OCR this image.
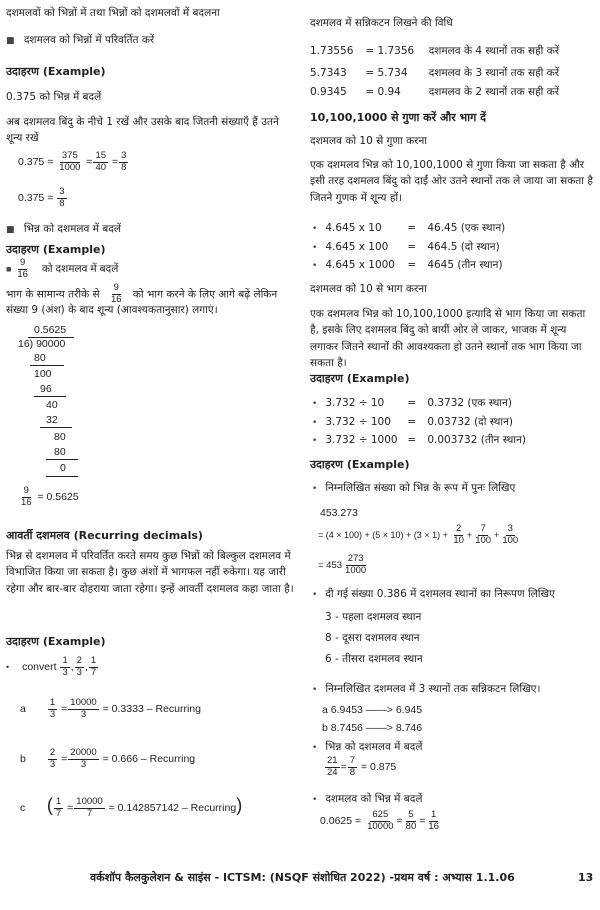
दशमलवों को भिन्नों में तथा भिन्नों को दशमलवों में बदलना
■ दशमलव को भिन्नों में परिवर्तित करें
उदाहरण (Example)
0.375 को भिन्न में बदलें
अब दशमलव बिंदु के नीचे 1 रखें और उसके बाद जितनी संख्याएँ हैं उतने शून्य रखें
$0.375 = \frac{375}{1000} = \frac{15}{40} = \frac{3}{8}$
$0.375 = \frac{3}{8}$
■ भिन्न को दशमलव में बदलें
उदाहरण (Example)
■ $\frac{9}{16}$ को दशमलव में बदलें
भाग के सामान्य तरीके से $\frac{9}{16}$ को भाग करने के लिए आगे बढ़ें लेकिन
संख्या 9 (अंश) के बाद शून्य (आवश्यकतानुसार) लगाएं।
0.5625
16) 90000
80
100
96
40
32
80
80
0
$\frac{9}{16} = 0.5625$
आवर्ती दशमलव (Recurring decimals)
भिन्न से दशमलव में परिवर्तित करते समय कुछ भिन्नों को बिल्कुल दशमलव में विभाजित किया जा सकता है। कुछ अंशों में भागफल नहीं रुकेगा। यह जारी रहेगा और बार-बार दोहराया जाता रहेगा। इन्हें आवर्ती दशमलव कहा जाता है।
उदाहरण (Example)
• convert $\frac{1}{3}$ , $\frac{2}{3}$ , $\frac{1}{7}$
a $\frac{1}{3} = \frac{10000}{3} = 0.3333$ – Recurring
b $\frac{2}{3} = \frac{20000}{3} = 0.666$ – Recurring
c ( $\frac{1}{7} = \frac{10000}{7} = 0.142857142$ – Recurring)
दशमलव में सन्निकटन लिखने की विधि
1.73556 = 1.7356 दशमलव के 4 स्थानों तक सही करें
5.7343 = 5.734 दशमलव के 3 स्थानों तक सही करें
0.9345 = 0.94	दशमलव के 2 स्थानों तक सही करें
10,100,1000 से गुणा करें और भाग दें
दशमलव को 10 से गुणा करना
एक दशमलव भिन्न को 10,100,1000 से गुणा किया जा सकता है और इसी तरह दशमलव बिंदु को दाईं ओर उतने स्थानों तक ले जाया जा सकता है जितने गुणक में शून्य हों।
• 4.645 x 10 = 46.45 (एक स्थान)
• 4.645 x 100 = 464.5 (दो स्थान)
• 4.645 x 1000 = 4645 (तीन स्थान)
दशमलव को 10 से भाग करना
एक दशमलव भिन्न को 10,100,1000 इत्यादि से भाग किया जा सकता है, इसके लिए दशमलव बिंदु को बायीं ओर ले जाकर, भाजक में शून्य लगाकर जितने स्थानों की आवश्यकता हो उतने स्थानों तक भाग किया जा सकता है।
उदाहरण (Example)
• 3.732 ÷ 10 = 0.3732 (एक स्थान)
• 3.732 ÷ 100 = 0.03732 (दो स्थान)
• 3.732 ÷ 1000 = 0.003732 (तीन स्थान)
उदाहरण (Example)
• निम्नलिखित संख्या को भिन्न के रूप में पुनः लिखिए
453.273
= $(4 \times 100) + (5 \times 10) + (3 \times 1) + \frac{2}{10} + \frac{7}{100} + \frac{3}{100}$
= $453 \frac{273}{1000}$
• दी गई संख्या 0.386 में दशमलव स्थानों का निरूपण लिखिए
3 - पहला दशमलव स्थान
8 - दूसरा दशमलव स्थान
6 - तीसरा दशमलव स्थान
• निम्नलिखित दशमलव में 3 स्थानों तक सन्निकटन लिखिए।
a 6.9453 ——> 6.945
b 8.7456 ——> 8.746
• भिन्न को दशमलव में बदलें
$\frac{21}{24} = \frac{7}{8} = 0.875$
• दशमलव को भिन्न में बदलें
$0.0625 = \frac{625}{10000} = \frac{5}{80} = \frac{1}{16}$
वर्कशॉप कैलकुलेशन & साइंस - ICTSM: (NSQF संशोधित 2022) -प्रथम वर्ष : अभ्यास 1.1.06	13
